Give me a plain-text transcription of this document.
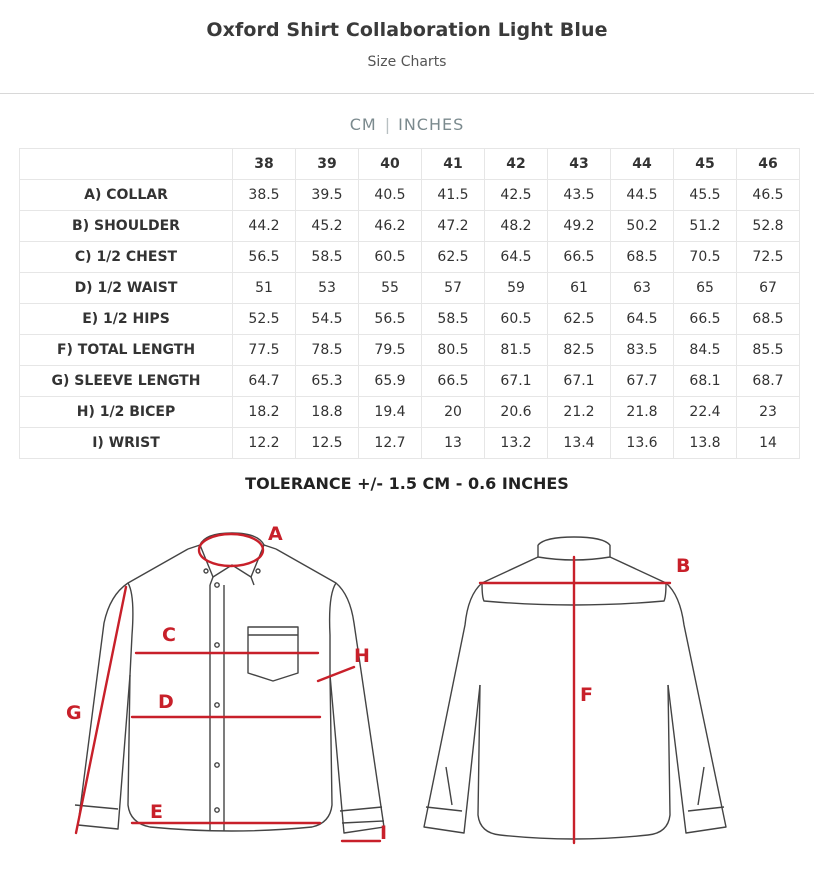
Oxford Shirt Collaboration Light Blue
Size Charts
CM | INCHES
	38	39	40	41	42	43	44	45	46
A) COLLAR	38.5	39.5	40.5	41.5	42.5	43.5	44.5	45.5	46.5
B) SHOULDER	44.2	45.2	46.2	47.2	48.2	49.2	50.2	51.2	52.8
C) 1/2 CHEST	56.5	58.5	60.5	62.5	64.5	66.5	68.5	70.5	72.5
D) 1/2 WAIST	51	53	55	57	59	61	63	65	67
E) 1/2 HIPS	52.5	54.5	56.5	58.5	60.5	62.5	64.5	66.5	68.5
F) TOTAL LENGTH	77.5	78.5	79.5	80.5	81.5	82.5	83.5	84.5	85.5
G) SLEEVE LENGTH	64.7	65.3	65.9	66.5	67.1	67.1	67.7	68.1	68.7
H) 1/2 BICEP	18.2	18.8	19.4	20	20.6	21.2	21.8	22.4	23
I) WRIST	12.2	12.5	12.7	13	13.2	13.4	13.6	13.8	14
TOLERANCE +/- 1.5 CM - 0.6 INCHES
A
B
C
D
E
F
G
H
I
